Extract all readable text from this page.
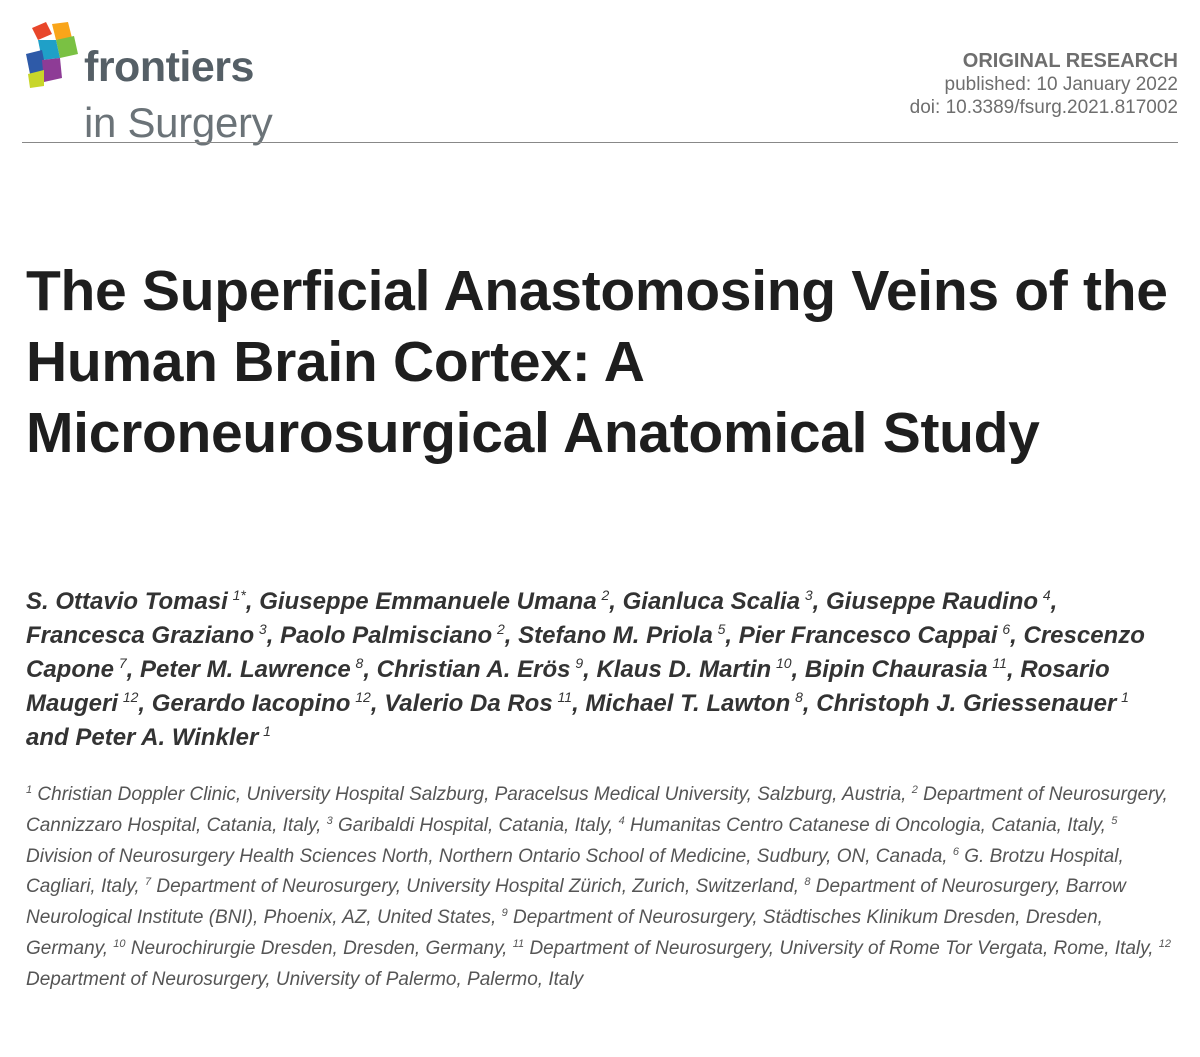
frontiers
in Surgery
ORIGINAL RESEARCH
published: 10 January 2022
doi: 10.3389/fsurg.2021.817002
The Superficial Anastomosing Veins of the Human Brain Cortex: A Microneurosurgical Anatomical Study
S. Ottavio Tomasi  $^{1*}$, Giuseppe Emmanuele Umana  $^2$, Gianluca Scalia  $^3$, Giuseppe Raudino  $^4$, Francesca Graziano  $^3$, Paolo Palmisciano  $^2$, Stefano M. Priola  $^5$, Pier Francesco Cappai  $^6$, Crescenzo Capone  $^7$, Peter M. Lawrence  $^8$, Christian A. Erös  $^9$, Klaus D. Martin  $^{10}$, Bipin Chaurasia  $^{11}$, Rosario Maugeri  $^{12}$, Gerardo Iacopino  $^{12}$, Valerio Da Ros  $^{11}$, Michael T. Lawton  $^8$, Christoph J. Griessenauer  $^1$ and Peter A. Winkler  $^1$
$^1$ Christian Doppler Clinic, University Hospital Salzburg, Paracelsus Medical University, Salzburg, Austria, $^2$ Department of Neurosurgery, Cannizzaro Hospital, Catania, Italy, $^3$ Garibaldi Hospital, Catania, Italy, $^4$ Humanitas Centro Catanese di Oncologia, Catania, Italy, $^5$ Division of Neurosurgery Health Sciences North, Northern Ontario School of Medicine, Sudbury, ON, Canada, $^6$ G. Brotzu Hospital, Cagliari, Italy, $^7$ Department of Neurosurgery, University Hospital Zürich, Zurich, Switzerland, $^8$ Department of Neurosurgery, Barrow Neurological Institute (BNI), Phoenix, AZ, United States, $^9$ Department of Neurosurgery, Städtisches Klinikum Dresden, Dresden, Germany, $^{10}$ Neurochirurgie Dresden, Dresden, Germany, $^{11}$ Department of Neurosurgery, University of Rome Tor Vergata, Rome, Italy, $^{12}$ Department of Neurosurgery, University of Palermo, Palermo, Italy
